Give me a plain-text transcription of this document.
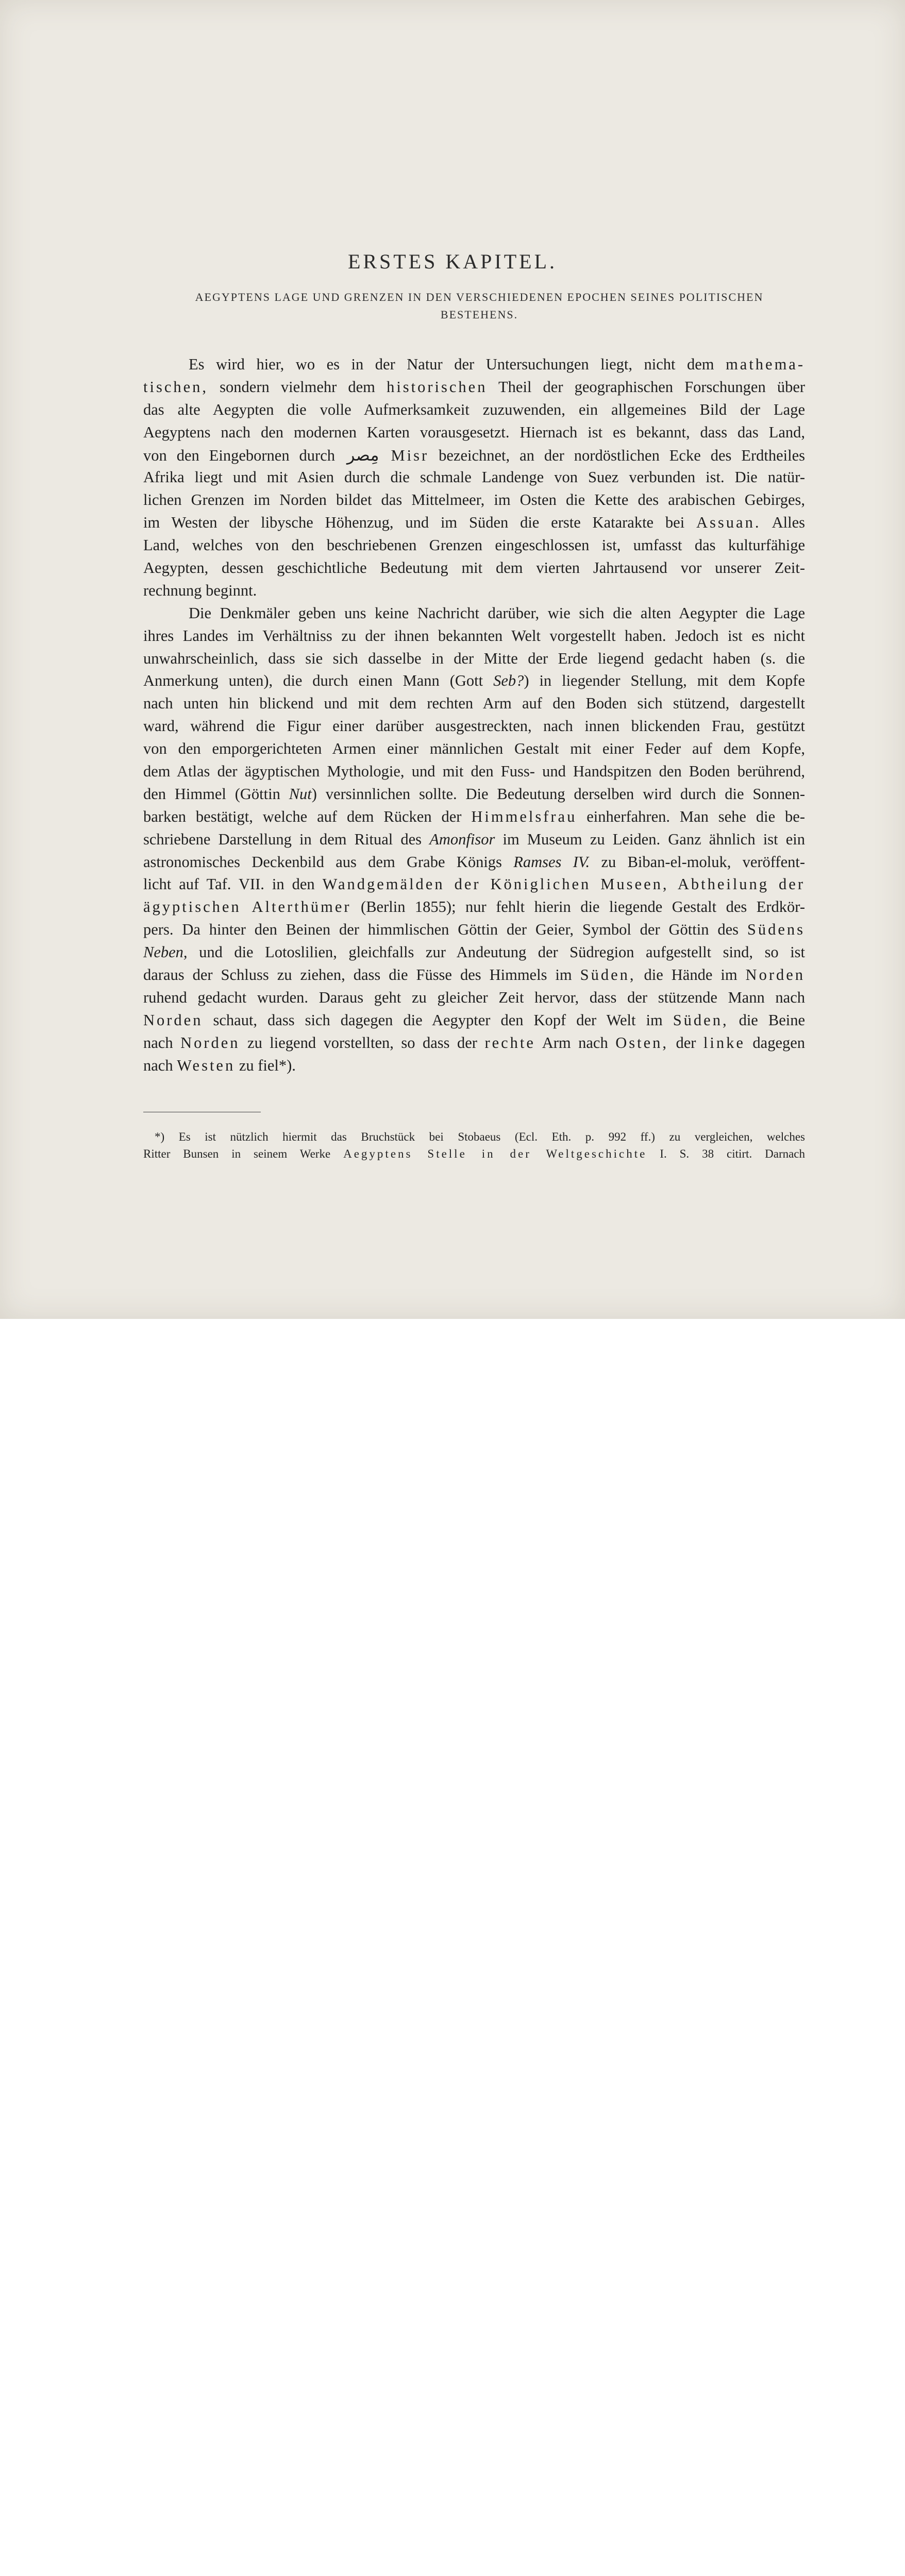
ERSTES KAPITEL.
AEGYPTENS LAGE UND GRENZEN IN DEN VERSCHIEDENEN EPOCHEN SEINES POLITISCHEN
BESTEHENS.
Es wird hier, wo es in der Natur der Untersuchungen liegt, nicht dem mathema-
tischen, sondern vielmehr dem historischen Theil der geographischen Forschungen über
das alte Aegypten die volle Aufmerksamkeit zuzuwenden, ein allgemeines Bild der Lage
Aegyptens nach den modernen Karten vorausgesetzt. Hiernach ist es bekannt, dass das Land,
von den Eingebornen durch مِصر Misr bezeichnet, an der nordöstlichen Ecke des Erdtheiles
Afrika liegt und mit Asien durch die schmale Landenge von Suez verbunden ist. Die natür-
lichen Grenzen im Norden bildet das Mittelmeer, im Osten die Kette des arabischen Gebirges,
im Westen der libysche Höhenzug, und im Süden die erste Katarakte bei Assuan. Alles
Land, welches von den beschriebenen Grenzen eingeschlossen ist, umfasst das kulturfähige
Aegypten, dessen geschichtliche Bedeutung mit dem vierten Jahrtausend vor unserer Zeit-
rechnung beginnt.
Die Denkmäler geben uns keine Nachricht darüber, wie sich die alten Aegypter die Lage
ihres Landes im Verhältniss zu der ihnen bekannten Welt vorgestellt haben. Jedoch ist es nicht
unwahrscheinlich, dass sie sich dasselbe in der Mitte der Erde liegend gedacht haben (s. die
Anmerkung unten), die durch einen Mann (Gott Seb?) in liegender Stellung, mit dem Kopfe
nach unten hin blickend und mit dem rechten Arm auf den Boden sich stützend, dargestellt
ward, während die Figur einer darüber ausgestreckten, nach innen blickenden Frau, gestützt
von den emporgerichteten Armen einer männlichen Gestalt mit einer Feder auf dem Kopfe,
dem Atlas der ägyptischen Mythologie, und mit den Fuss- und Handspitzen den Boden berührend,
den Himmel (Göttin Nut) versinnlichen sollte. Die Bedeutung derselben wird durch die Sonnen-
barken bestätigt, welche auf dem Rücken der Himmelsfrau einherfahren. Man sehe die be-
schriebene Darstellung in dem Ritual des Amonfisor im Museum zu Leiden. Ganz ähnlich ist ein
astronomisches Deckenbild aus dem Grabe Königs Ramses IV. zu Biban-el-moluk, veröffent-
licht auf Taf. VII. in den Wandgemälden der Königlichen Museen, Abtheilung der
ägyptischen Alterthümer (Berlin 1855); nur fehlt hierin die liegende Gestalt des Erdkör-
pers. Da hinter den Beinen der himmlischen Göttin der Geier, Symbol der Göttin des Südens
Neben, und die Lotoslilien, gleichfalls zur Andeutung der Südregion aufgestellt sind, so ist
daraus der Schluss zu ziehen, dass die Füsse des Himmels im Süden, die Hände im Norden
ruhend gedacht wurden. Daraus geht zu gleicher Zeit hervor, dass der stützende Mann nach
Norden schaut, dass sich dagegen die Aegypter den Kopf der Welt im Süden, die Beine
nach Norden zu liegend vorstellten, so dass der rechte Arm nach Osten, der linke dagegen
nach Westen zu fiel*).
*) Es ist nützlich hiermit das Bruchstück bei Stobaeus (Ecl. Eth. p. 992 ff.) zu vergleichen, welches
Ritter Bunsen in seinem Werke Aegyptens Stelle in der Weltgeschichte I. S. 38 citirt. Darnach
